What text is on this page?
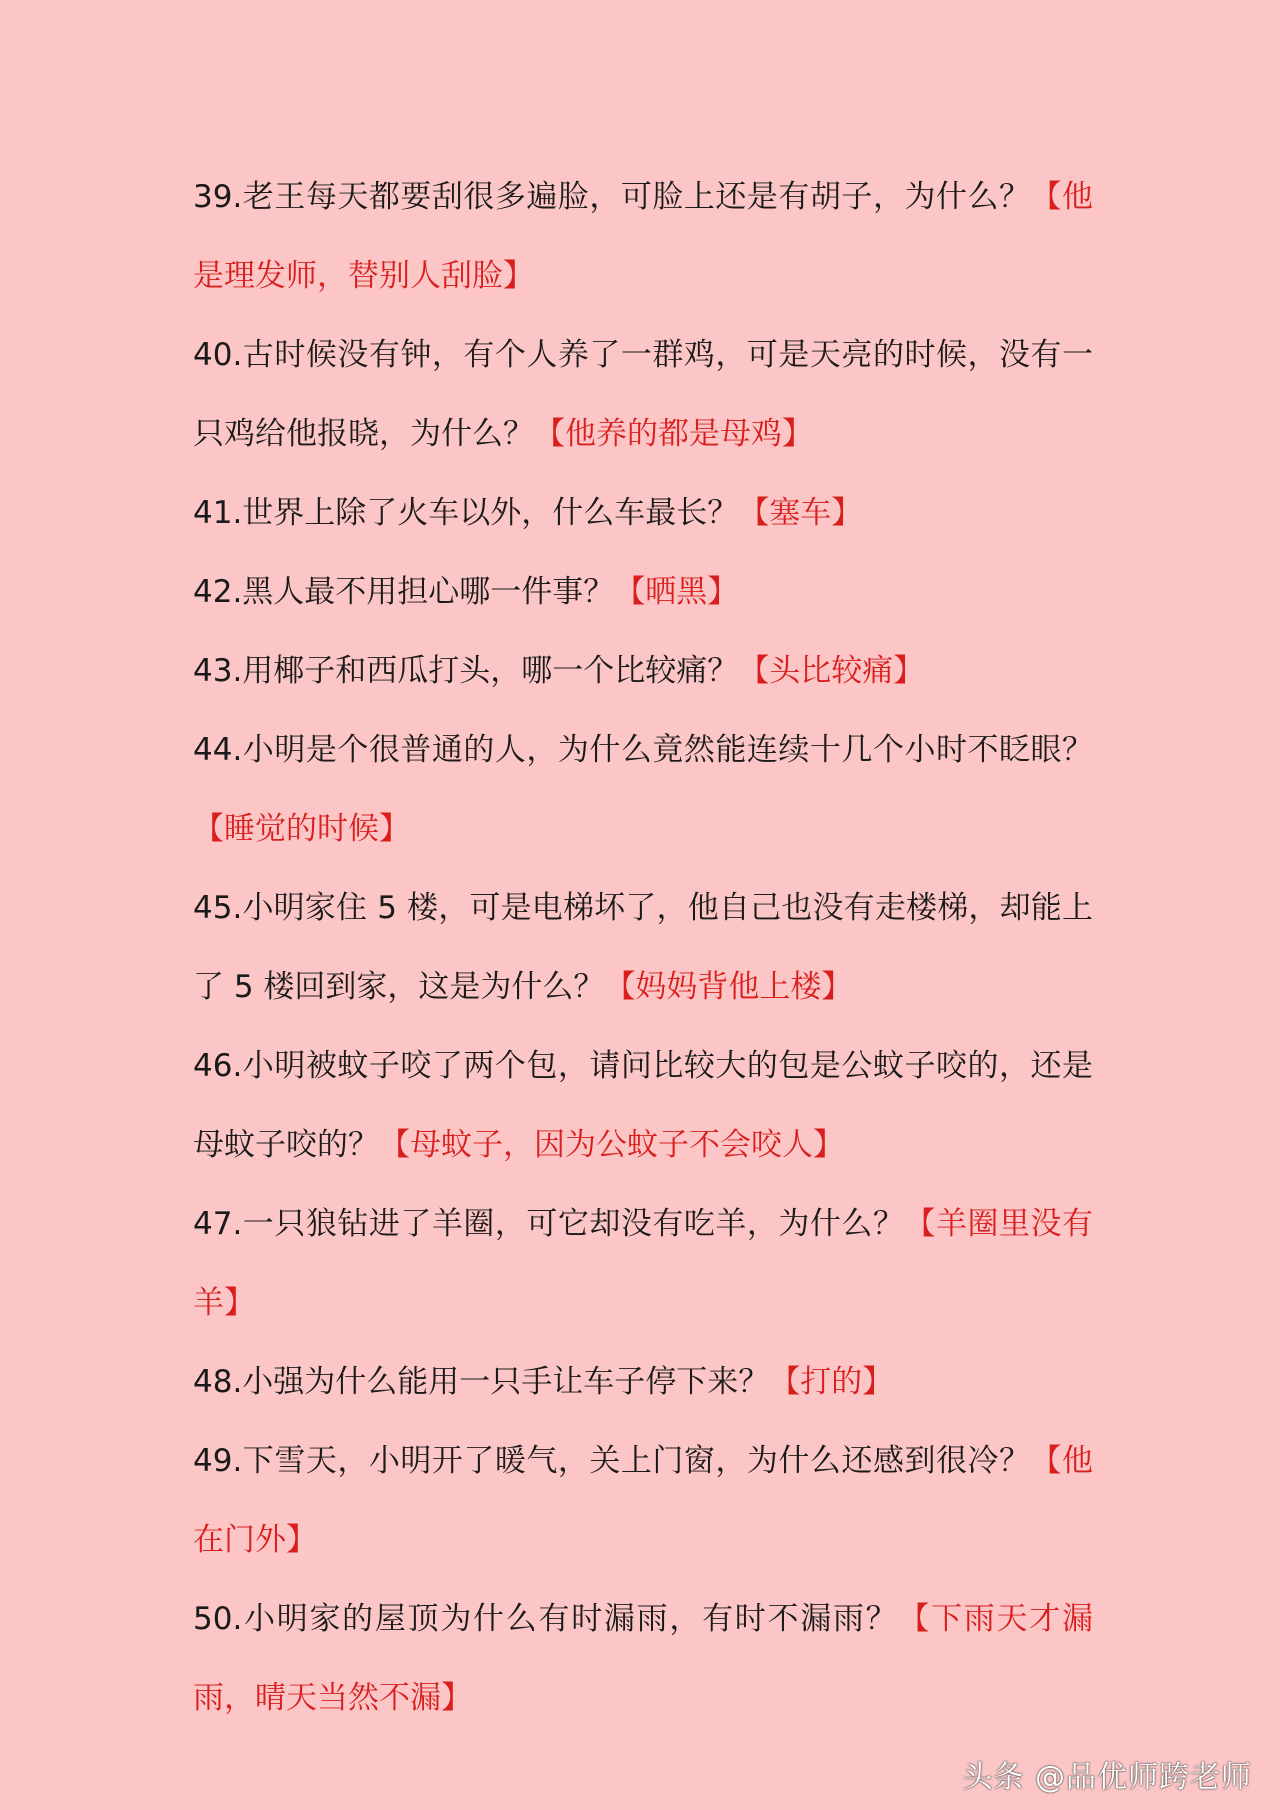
39.老王每天都要刮很多遍脸，可脸上还是有胡子，为什么？【他是理发师，替别人刮脸】
40.古时候没有钟，有个人养了一群鸡，可是天亮的时候，没有一只鸡给他报晓，为什么？【他养的都是母鸡】
41.世界上除了火车以外，什么车最长？【塞车】
42.黑人最不用担心哪一件事？【晒黑】
43.用椰子和西瓜打头，哪一个比较痛？【头比较痛】
44.小明是个很普通的人，为什么竟然能连续十几个小时不眨眼？【睡觉的时候】
45.小明家住 5 楼，可是电梯坏了，他自己也没有走楼梯，却能上了 5 楼回到家，这是为什么？【妈妈背他上楼】
46.小明被蚊子咬了两个包，请问比较大的包是公蚊子咬的，还是母蚊子咬的？【母蚊子，因为公蚊子不会咬人】
47.一只狼钻进了羊圈，可它却没有吃羊，为什么？【羊圈里没有羊】
48.小强为什么能用一只手让车子停下来？【打的】
49.下雪天，小明开了暖气，关上门窗，为什么还感到很冷？【他在门外】
50.小明家的屋顶为什么有时漏雨，有时不漏雨？【下雨天才漏雨，晴天当然不漏】
头条 @品优师跨老师
